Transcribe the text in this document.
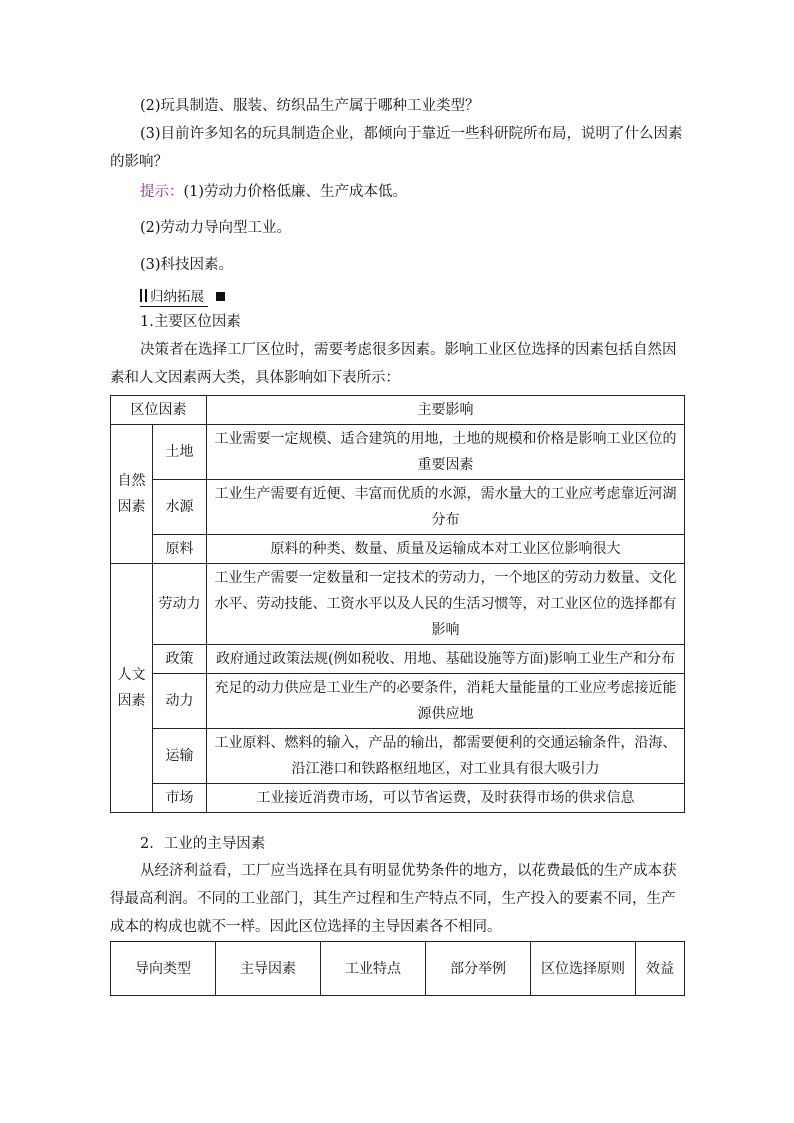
(2)玩具制造、服装、纺织品生产属于哪种工业类型？

(3)目前许多知名的玩具制造企业，都倾向于靠近一些科研院所布局，说明了什么因素的影响？

提示：(1)劳动力价格低廉、生产成本低。

(2)劳动力导向型工业。

(3)科技因素。

归纳拓展

1.主要区位因素

决策者在选择工厂区位时，需要考虑很多因素。影响工业区位选择的因素包括自然因素和人文因素两大类，具体影响如下表所示：

区位因素		主要影响
自然因素	土地	工业需要一定规模、适合建筑的用地，土地的规模和价格是影响工业区位的重要因素
	水源	工业生产需要有近便、丰富而优质的水源，需水量大的工业应考虑靠近河湖分布
	原料	原料的种类、数量、质量及运输成本对工业区位影响很大
人文因素	劳动力	工业生产需要一定数量和一定技术的劳动力，一个地区的劳动力数量、文化水平、劳动技能、工资水平以及人民的生活习惯等，对工业区位的选择都有影响
	政策	政府通过政策法规(例如税收、用地、基础设施等方面)影响工业生产和分布
	动力	充足的动力供应是工业生产的必要条件，消耗大量能量的工业应考虑接近能源供应地
	运输	工业原料、燃料的输入，产品的输出，都需要便利的交通运输条件，沿海、沿江港口和铁路枢纽地区，对工业具有很大吸引力
	市场	工业接近消费市场，可以节省运费，及时获得市场的供求信息

2．工业的主导因素

从经济利益看，工厂应当选择在具有明显优势条件的地方，以花费最低的生产成本获得最高利润。不同的工业部门，其生产过程和生产特点不同，生产投入的要素不同，生产成本的构成也就不一样。因此区位选择的主导因素各不相同。

导向类型	主导因素	工业特点	部分举例	区位选择原则	效益
